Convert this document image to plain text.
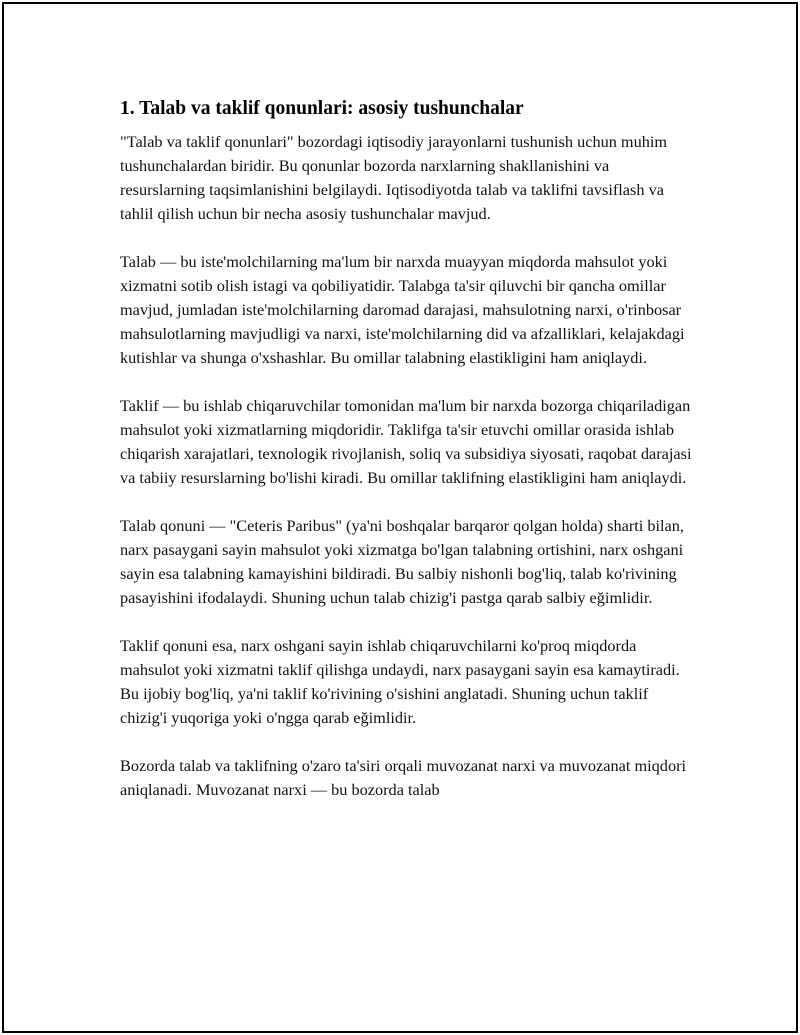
1. Talab va taklif qonunlari: asosiy tushunchalar

"Talab va taklif qonunlari" bozordagi iqtisodiy jarayonlarni tushunish uchun muhim tushunchalardan biridir. Bu qonunlar bozorda narxlarning shakllanishini va resurslarning taqsimlanishini belgilaydi. Iqtisodiyotda talab va taklifni tavsiflash va tahlil qilish uchun bir necha asosiy tushunchalar mavjud.

Talab — bu iste'molchilarning ma'lum bir narxda muayyan miqdorda mahsulot yoki xizmatni sotib olish istagi va qobiliyatidir. Talabga ta'sir qiluvchi bir qancha omillar mavjud, jumladan iste'molchilarning daromad darajasi, mahsulotning narxi, o'rinbosar mahsulotlarning mavjudligi va narxi, iste'molchilarning did va afzalliklari, kelajakdagi kutishlar va shunga o'xshashlar. Bu omillar talabning elastikligini ham aniqlaydi.

Taklif — bu ishlab chiqaruvchilar tomonidan ma'lum bir narxda bozorga chiqariladigan mahsulot yoki xizmatlarning miqdoridir. Taklifga ta'sir etuvchi omillar orasida ishlab chiqarish xarajatlari, texnologik rivojlanish, soliq va subsidiya siyosati, raqobat darajasi va tabiiy resurslarning bo'lishi kiradi. Bu omillar taklifning elastikligini ham aniqlaydi.

Talab qonuni — "Ceteris Paribus" (ya'ni boshqalar barqaror qolgan holda) sharti bilan, narx pasaygani sayin mahsulot yoki xizmatga bo'lgan talabning ortishini, narx oshgani sayin esa talabning kamayishini bildiradi. Bu salbiy nishonli bog'liq, talab ko'rivining pasayishini ifodalaydi. Shuning uchun talab chizig'i pastga qarab salbiy eğimlidir.

Taklif qonuni esa, narx oshgani sayin ishlab chiqaruvchilarni ko'proq miqdorda mahsulot yoki xizmatni taklif qilishga undaydi, narx pasaygani sayin esa kamaytiradi. Bu ijobiy bog'liq, ya'ni taklif ko'rivining o'sishini anglatadi. Shuning uchun taklif chizig'i yuqoriga yoki o'ngga qarab eğimlidir.

Bozorda talab va taklifning o'zaro ta'siri orqali muvozanat narxi va muvozanat miqdori aniqlanadi. Muvozanat narxi — bu bozorda talab
